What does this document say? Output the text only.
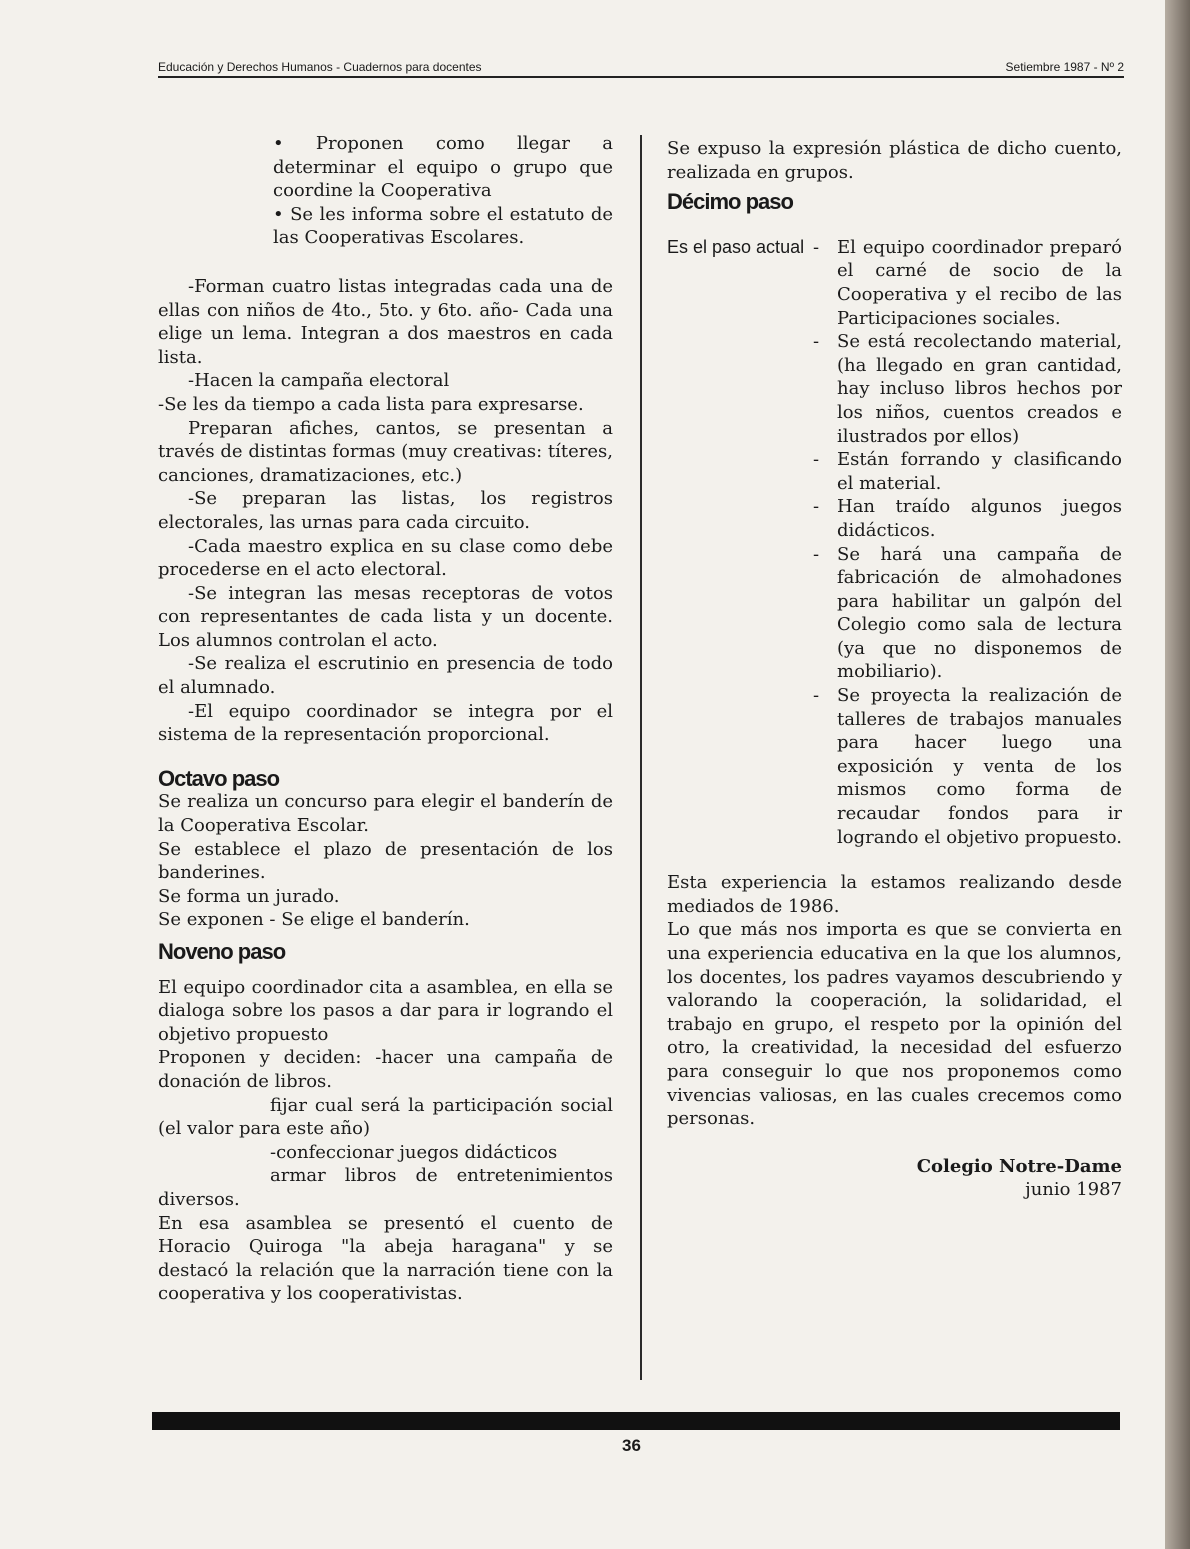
Educación y Derechos Humanos - Cuadernos para docentes	Setiembre 1987 - Nº 2

• Proponen como llegar a determinar el equipo o grupo que coordine la Cooperativa

• Se les informa sobre el estatuto de las Cooperativas Escolares.

-Forman cuatro listas integradas cada una de ellas con niños de 4to., 5to. y 6to. año- Cada una elige un lema. Integran a dos maestros en cada lista.

-Hacen la campaña electoral

-Se les da tiempo a cada lista para expresarse.

Preparan afiches, cantos, se presentan a través de distintas formas (muy creativas: títeres, canciones, dramatizaciones, etc.)

-Se preparan las listas, los registros electorales, las urnas para cada circuito.

-Cada maestro explica en su clase como debe procederse en el acto electoral.

-Se integran las mesas receptoras de votos con representantes de cada lista y un docente. Los alumnos controlan el acto.

-Se realiza el escrutinio en presencia de todo el alumnado.

-El equipo coordinador se integra por el sistema de la representación proporcional.

Octavo paso

Se realiza un concurso para elegir el banderín de la Cooperativa Escolar.

Se establece el plazo de presentación de los banderines.

Se forma un jurado.

Se exponen - Se elige el banderín.

Noveno paso

El equipo coordinador cita a asamblea, en ella se dialoga sobre los pasos a dar para ir logrando el objetivo propuesto

Proponen y deciden: -hacer una campaña de donación de libros.

fijar cual será la participación social (el valor para este año)

-confeccionar juegos didácticos

armar libros de entretenimientos diversos.

En esa asamblea se presentó el cuento de Horacio Quiroga "la abeja haragana" y se destacó la relación que la narración tiene con la cooperativa y los cooperativistas.

Se expuso la expresión plástica de dicho cuento, realizada en grupos.

Décimo paso

Es el paso actual - El equipo coordinador preparó el carné de socio de la Cooperativa y el recibo de las Participaciones sociales.

- Se está recolectando material, (ha llegado en gran cantidad, hay incluso libros hechos por los niños, cuentos creados e ilustrados por ellos)

- Están forrando y clasificando el material.

- Han traído algunos juegos didácticos.

- Se hará una campaña de fabricación de almohadones para habilitar un galpón del Colegio como sala de lectura (ya que no disponemos de mobiliario).

- Se proyecta la realización de talleres de trabajos manuales para hacer luego una exposición y venta de los mismos como forma de recaudar fondos para ir logrando el objetivo propuesto.

Esta experiencia la estamos realizando desde mediados de 1986.

Lo que más nos importa es que se convierta en una experiencia educativa en la que los alumnos, los docentes, los padres vayamos descubriendo y valorando la cooperación, la solidaridad, el trabajo en grupo, el respeto por la opinión del otro, la creatividad, la necesidad del esfuerzo para conseguir lo que nos proponemos como vivencias valiosas, en las cuales crecemos como personas.

Colegio Notre-Dame

junio 1987

36
